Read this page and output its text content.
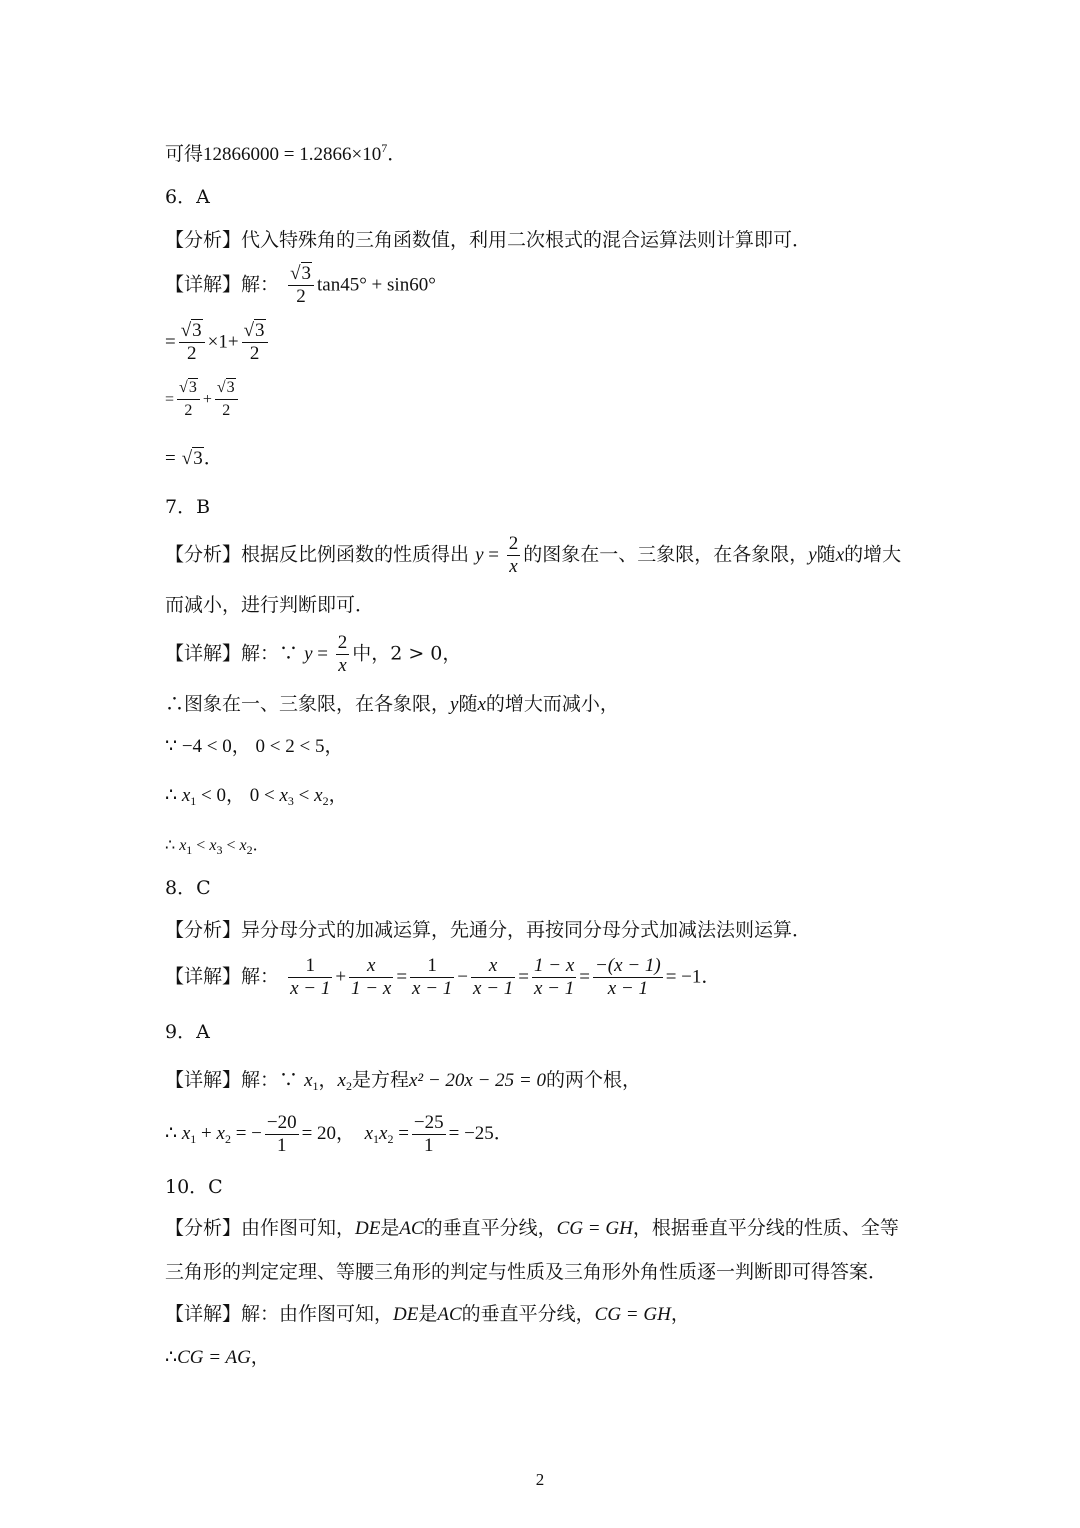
可得$12866000 = 1.2866\times 10^7$．
6．A
【分析】代入特殊角的三角函数值，利用二次根式的混合运算法则计算即可．
【详解】解： $\frac{√3}{2} \tan 45^\circ + \sin 60^\circ$
= $\frac{√3}{2} \times 1+ \frac{√3}{2}$
= $\frac{√3}{2} + \frac{√3}{2}$
= √3．
7．B
【分析】根据反比例函数的性质得出 $y = \frac{2}{x}$ 的图象在一、三象限，在各象限，y随x的增大
而减小，进行判断即可．
【详解】解：∵ $y = \frac{2}{x}$ 中，2 > 0，
∴图象在一、三象限，在各象限，y随x的增大而减小，
∵ −4 < 0， 0 < 2 < 5，
∴ $x_1 < 0$， $0 < x_3 < x_2$，
∴ $x_1 < x_3 < x_2$．
8．C
【分析】异分母分式的加减运算，先通分，再按同分母分式加减法法则运算．
【详解】解： $\frac{1}{x - 1} + \frac{x}{1 - x} = \frac{1}{x - 1} - \frac{x}{x - 1} = \frac{1 - x}{x - 1} = \frac{-(x - 1)}{x - 1} = -1$．
9．A
【详解】解：∵ $x_1$，$x_2$是方程x² − 20x − 25 = 0的两个根，
∴ $x_1 + x_2$ = − $\frac{-20}{1} = 20$， $x_1x_2 = \frac{-25}{1} = -25$．
10．C
【分析】由作图可知，DE是AC的垂直平分线，CG = GH，根据垂直平分线的性质、全等
三角形的判定定理、等腰三角形的判定与性质及三角形外角性质逐一判断即可得答案．
【详解】解：由作图可知，DE是AC的垂直平分线，CG = GH，
∴CG = AG，
2
